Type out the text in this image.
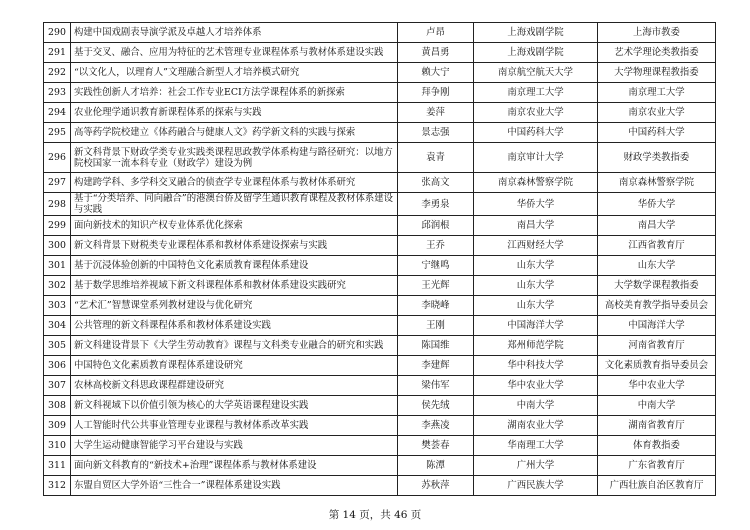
290	构建中国戏剧表导演学派及卓越人才培养体系	卢昂	上海戏剧学院	上海市教委
291	基于交叉、融合、应用为特征的艺术管理专业课程体系与教材体系建设实践	黄昌勇	上海戏剧学院	艺术学理论类教指委
292	“以文化人，以理育人”文理融合新型人才培养模式研究	赖大宁	南京航空航天大学	大学物理课程教指委
293	实践性创新人才培养：社会工作专业ECI方法学课程体系的新探索	拜争刚	南京理工大学	南京理工大学
294	农业伦理学通识教育新课程体系的探索与实践	姜萍	南京农业大学	南京农业大学
295	高等药学院校建立《体药融合与健康人文》药学新文科的实践与探索	景志强	中国药科大学	中国药科大学
296	新文科背景下财政学类专业实践类课程思政教学体系构建与路径研究：以地方院校国家一流本科专业（财政学）建设为例	袁青	南京审计大学	财政学类教指委
297	构建跨学科、多学科交叉融合的侦查学专业课程体系与教材体系研究	张高文	南京森林警察学院	南京森林警察学院
298	基于“分类培养、同向融合”的港澳台侨及留学生通识教育课程及教材体系建设与实践	李勇泉	华侨大学	华侨大学
299	面向新技术的知识产权专业体系优化探索	邱润根	南昌大学	南昌大学
300	新文科背景下财税类专业课程体系和教材体系建设探索与实践	王乔	江西财经大学	江西省教育厅
301	基于沉浸体验创新的中国特色文化素质教育课程体系建设	宁继鸣	山东大学	山东大学
302	基于数学思维培养视域下新文科课程体系和教材体系建设实践研究	王光辉	山东大学	大学数学课程教指委
303	“艺术汇”智慧课堂系列教材建设与优化研究	李晓峰	山东大学	高校美育教学指导委员会
304	公共管理的新文科课程体系和教材体系建设实践	王刚	中国海洋大学	中国海洋大学
305	新文科建设背景下《大学生劳动教育》课程与文科类专业融合的研究和实践	陈国维	郑州师范学院	河南省教育厅
306	中国特色文化素质教育课程体系建设研究	李建辉	华中科技大学	文化素质教育指导委员会
307	农林高校新文科思政课程群建设研究	梁伟军	华中农业大学	华中农业大学
308	新文科视域下以价值引领为核心的大学英语课程建设实践	侯先绒	中南大学	中南大学
309	人工智能时代公共事业管理专业课程与教材体系改革实践	李燕凌	湖南农业大学	湖南省教育厅
310	大学生运动健康智能学习平台建设与实践	樊荟春	华南理工大学	体育教指委
311	面向新文科教育的“新技术+治理”课程体系与教材体系建设	陈潭	广州大学	广东省教育厅
312	东盟自贸区大学外语“三性合一”课程体系建设实践	苏秋萍	广西民族大学	广西壮族自治区教育厅
第 14 页，共 46 页
